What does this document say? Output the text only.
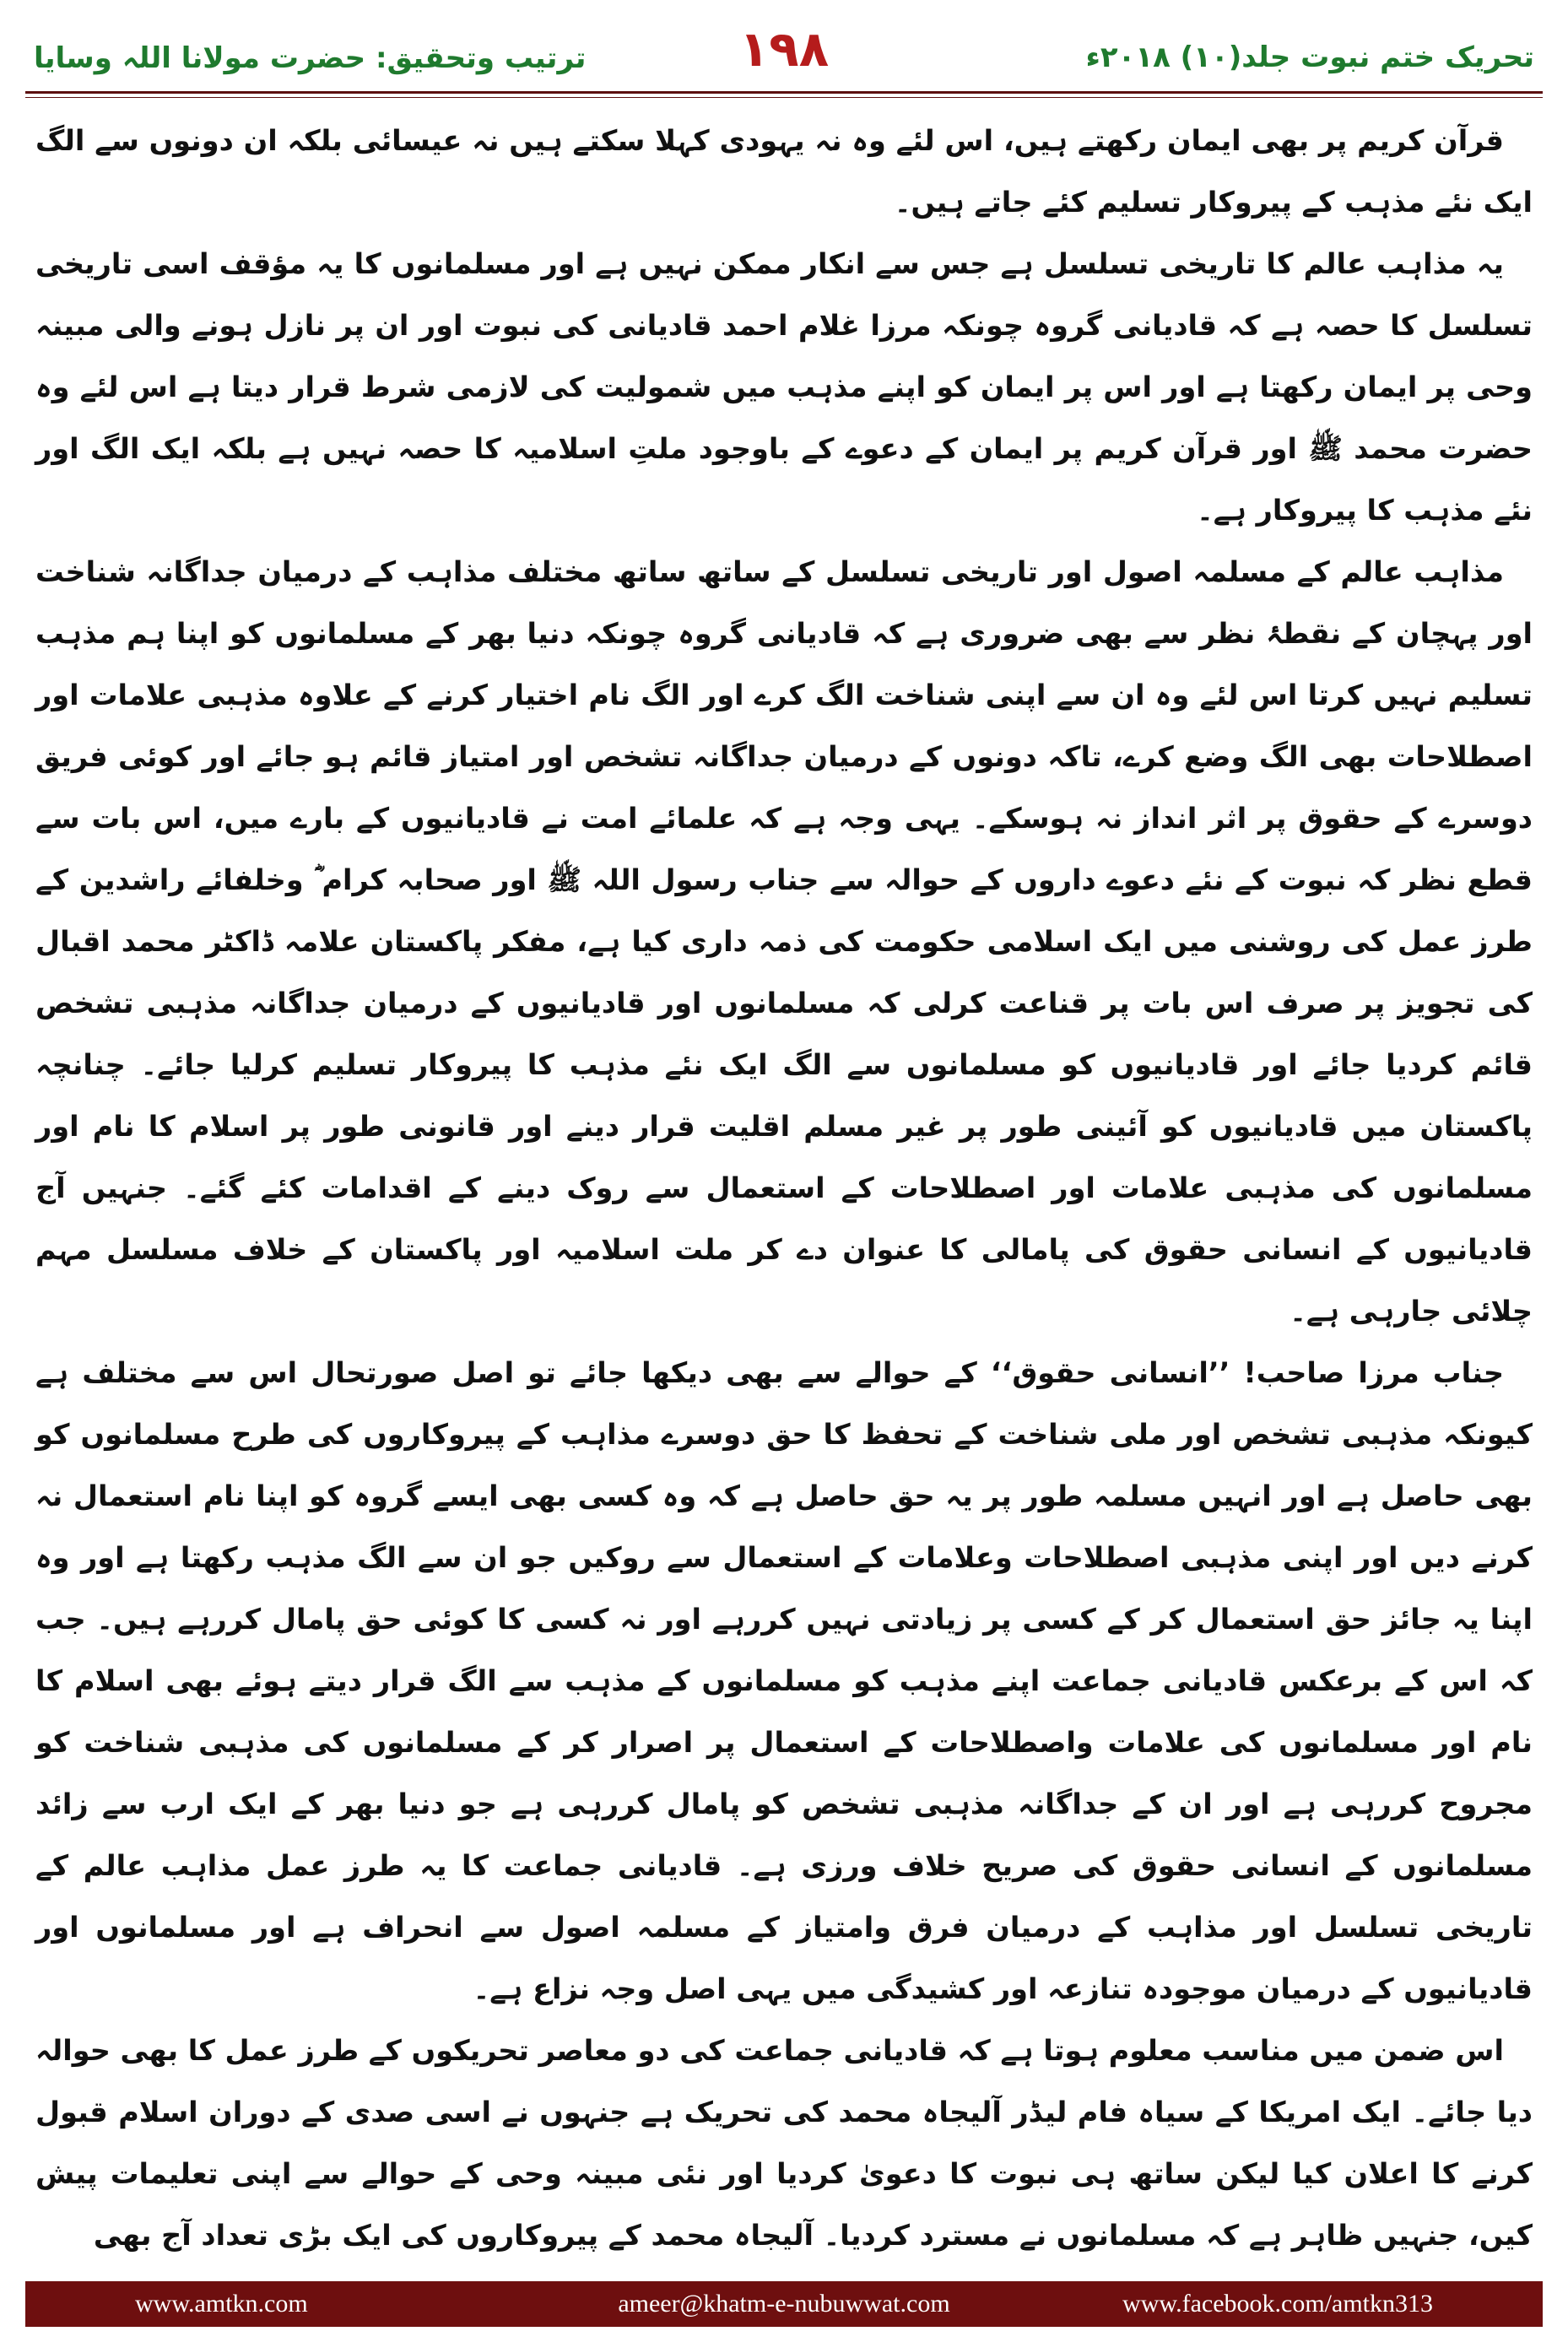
ترتیب وتحقیق: حضرت مولانا اللہ وسایا	۱۹۸	تحریک ختم نبوت جلد(۱۰) ۲۰۱۸ء

قرآن کریم پر بھی ایمان رکھتے ہیں، اس لئے وہ نہ یہودی کہلا سکتے ہیں نہ عیسائی بلکہ ان دونوں سے الگ ایک نئے مذہب کے پیروکار تسلیم کئے جاتے ہیں۔

یہ مذاہب عالم کا تاریخی تسلسل ہے جس سے انکار ممکن نہیں ہے اور مسلمانوں کا یہ مؤقف اسی تاریخی تسلسل کا حصہ ہے کہ قادیانی گروہ چونکہ مرزا غلام احمد قادیانی کی نبوت اور ان پر نازل ہونے والی مبینہ وحی پر ایمان رکھتا ہے اور اس پر ایمان کو اپنے مذہب میں شمولیت کی لازمی شرط قرار دیتا ہے اس لئے وہ حضرت محمد ﷺ اور قرآن کریم پر ایمان کے دعوے کے باوجود ملتِ اسلامیہ کا حصہ نہیں ہے بلکہ ایک الگ اور نئے مذہب کا پیروکار ہے۔

مذاہب عالم کے مسلمہ اصول اور تاریخی تسلسل کے ساتھ ساتھ مختلف مذاہب کے درمیان جداگانہ شناخت اور پہچان کے نقطۂ نظر سے بھی ضروری ہے کہ قادیانی گروہ چونکہ دنیا بھر کے مسلمانوں کو اپنا ہم مذہب تسلیم نہیں کرتا اس لئے وہ ان سے اپنی شناخت الگ کرے اور الگ نام اختیار کرنے کے علاوہ مذہبی علامات اور اصطلاحات بھی الگ وضع کرے، تاکہ دونوں کے درمیان جداگانہ تشخص اور امتیاز قائم ہو جائے اور کوئی فریق دوسرے کے حقوق پر اثر انداز نہ ہوسکے۔ یہی وجہ ہے کہ علمائے امت نے قادیانیوں کے بارے میں، اس بات سے قطع نظر کہ نبوت کے نئے دعوے داروں کے حوالہ سے جناب رسول اللہ ﷺ اور صحابہ کرام ؓ وخلفائے راشدین کے طرز عمل کی روشنی میں ایک اسلامی حکومت کی ذمہ داری کیا ہے، مفکر پاکستان علامہ ڈاکٹر محمد اقبال کی تجویز پر صرف اس بات پر قناعت کرلی کہ مسلمانوں اور قادیانیوں کے درمیان جداگانہ مذہبی تشخص قائم کردیا جائے اور قادیانیوں کو مسلمانوں سے الگ ایک نئے مذہب کا پیروکار تسلیم کرلیا جائے۔ چنانچہ پاکستان میں قادیانیوں کو آئینی طور پر غیر مسلم اقلیت قرار دینے اور قانونی طور پر اسلام کا نام اور مسلمانوں کی مذہبی علامات اور اصطلاحات کے استعمال سے روک دینے کے اقدامات کئے گئے۔ جنہیں آج قادیانیوں کے انسانی حقوق کی پامالی کا عنوان دے کر ملت اسلامیہ اور پاکستان کے خلاف مسلسل مہم چلائی جارہی ہے۔

جناب مرزا صاحب! ’’انسانی حقوق‘‘ کے حوالے سے بھی دیکھا جائے تو اصل صورتحال اس سے مختلف ہے کیونکہ مذہبی تشخص اور ملی شناخت کے تحفظ کا حق دوسرے مذاہب کے پیروکاروں کی طرح مسلمانوں کو بھی حاصل ہے اور انہیں مسلمہ طور پر یہ حق حاصل ہے کہ وہ کسی بھی ایسے گروہ کو اپنا نام استعمال نہ کرنے دیں اور اپنی مذہبی اصطلاحات وعلامات کے استعمال سے روکیں جو ان سے الگ مذہب رکھتا ہے اور وہ اپنا یہ جائز حق استعمال کر کے کسی پر زیادتی نہیں کررہے اور نہ کسی کا کوئی حق پامال کررہے ہیں۔ جب کہ اس کے برعکس قادیانی جماعت اپنے مذہب کو مسلمانوں کے مذہب سے الگ قرار دیتے ہوئے بھی اسلام کا نام اور مسلمانوں کی علامات واصطلاحات کے استعمال پر اصرار کر کے مسلمانوں کی مذہبی شناخت کو مجروح کررہی ہے اور ان کے جداگانہ مذہبی تشخص کو پامال کررہی ہے جو دنیا بھر کے ایک ارب سے زائد مسلمانوں کے انسانی حقوق کی صریح خلاف ورزی ہے۔ قادیانی جماعت کا یہ طرز عمل مذاہب عالم کے تاریخی تسلسل اور مذاہب کے درمیان فرق وامتیاز کے مسلمہ اصول سے انحراف ہے اور مسلمانوں اور قادیانیوں کے درمیان موجودہ تنازعہ اور کشیدگی میں یہی اصل وجہ نزاع ہے۔

اس ضمن میں مناسب معلوم ہوتا ہے کہ قادیانی جماعت کی دو معاصر تحریکوں کے طرز عمل کا بھی حوالہ دیا جائے۔ ایک امریکا کے سیاہ فام لیڈر آلیجاہ محمد کی تحریک ہے جنہوں نے اسی صدی کے دوران اسلام قبول کرنے کا اعلان کیا لیکن ساتھ ہی نبوت کا دعویٰ کردیا اور نئی مبینہ وحی کے حوالے سے اپنی تعلیمات پیش کیں، جنہیں ظاہر ہے کہ مسلمانوں نے مسترد کردیا۔ آلیجاہ محمد کے پیروکاروں کی ایک بڑی تعداد آج بھی

www.amtkn.com	ameer@khatm-e-nubuwwat.com	www.facebook.com/amtkn313
